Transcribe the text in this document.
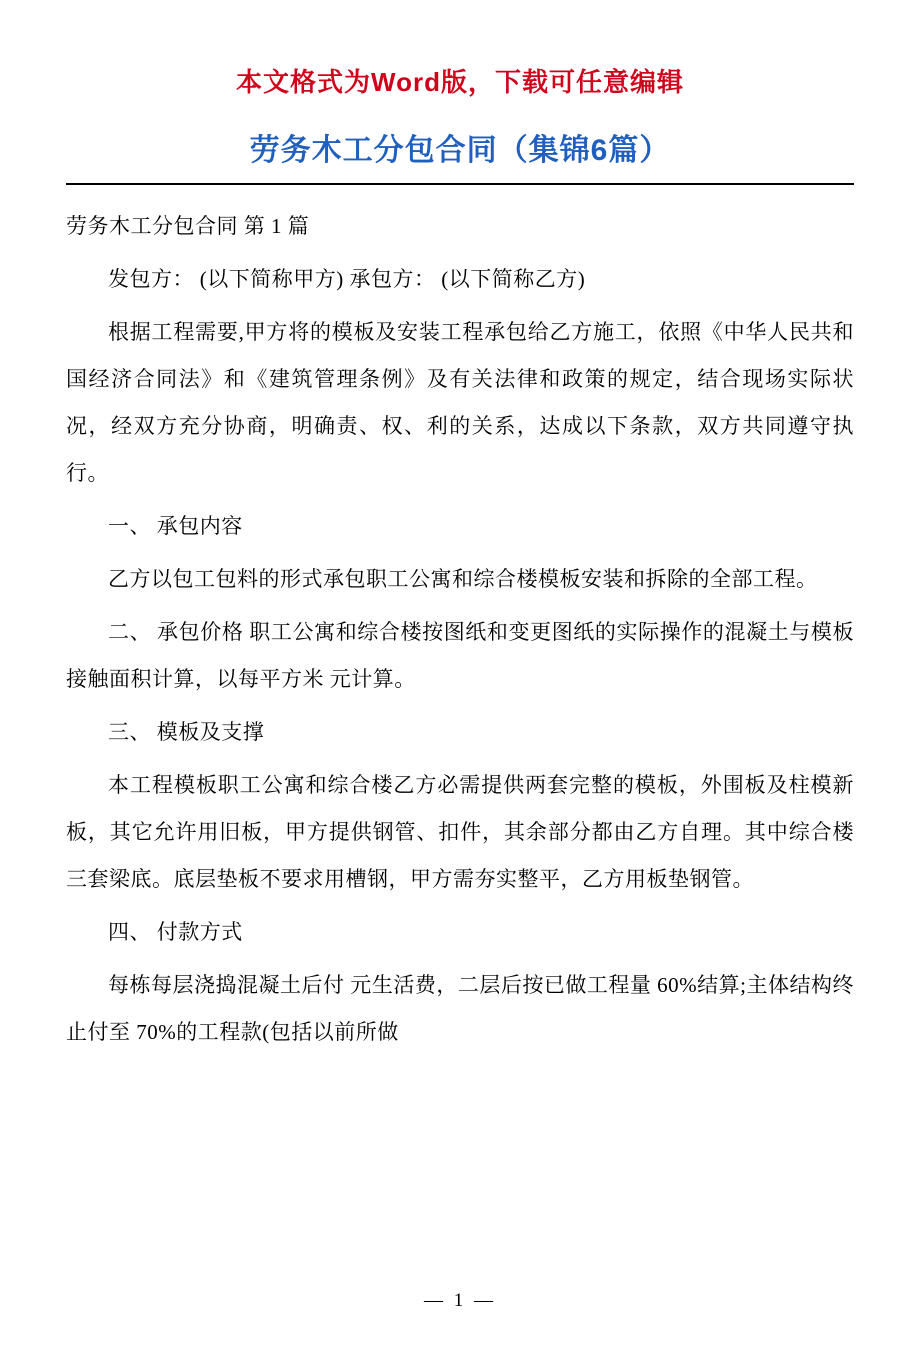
本文格式为Word版，下载可任意编辑
劳务木工分包合同（集锦6篇）

劳务木工分包合同 第 1 篇

发包方： (以下简称甲方) 承包方： (以下简称乙方)

根据工程需要,甲方将的模板及安装工程承包给乙方施工，依照《中华人民共和国经济合同法》和《建筑管理条例》及有关法律和政策的规定，结合现场实际状况，经双方充分协商，明确责、权、利的关系，达成以下条款，双方共同遵守执行。

一、 承包内容

乙方以包工包料的形式承包职工公寓和综合楼模板安装和拆除的全部工程。

二、 承包价格 职工公寓和综合楼按图纸和变更图纸的实际操作的混凝土与模板接触面积计算，以每平方米 元计算。

三、 模板及支撑

本工程模板职工公寓和综合楼乙方必需提供两套完整的模板，外围板及柱模新板，其它允许用旧板，甲方提供钢管、扣件，其余部分都由乙方自理。其中综合楼三套梁底。底层垫板不要求用槽钢，甲方需夯实整平，乙方用板垫钢管。

四、 付款方式

每栋每层浇捣混凝土后付 元生活费，二层后按已做工程量 60%结算;主体结构终止付至 70%的工程款(包括以前所做

— 1 —
